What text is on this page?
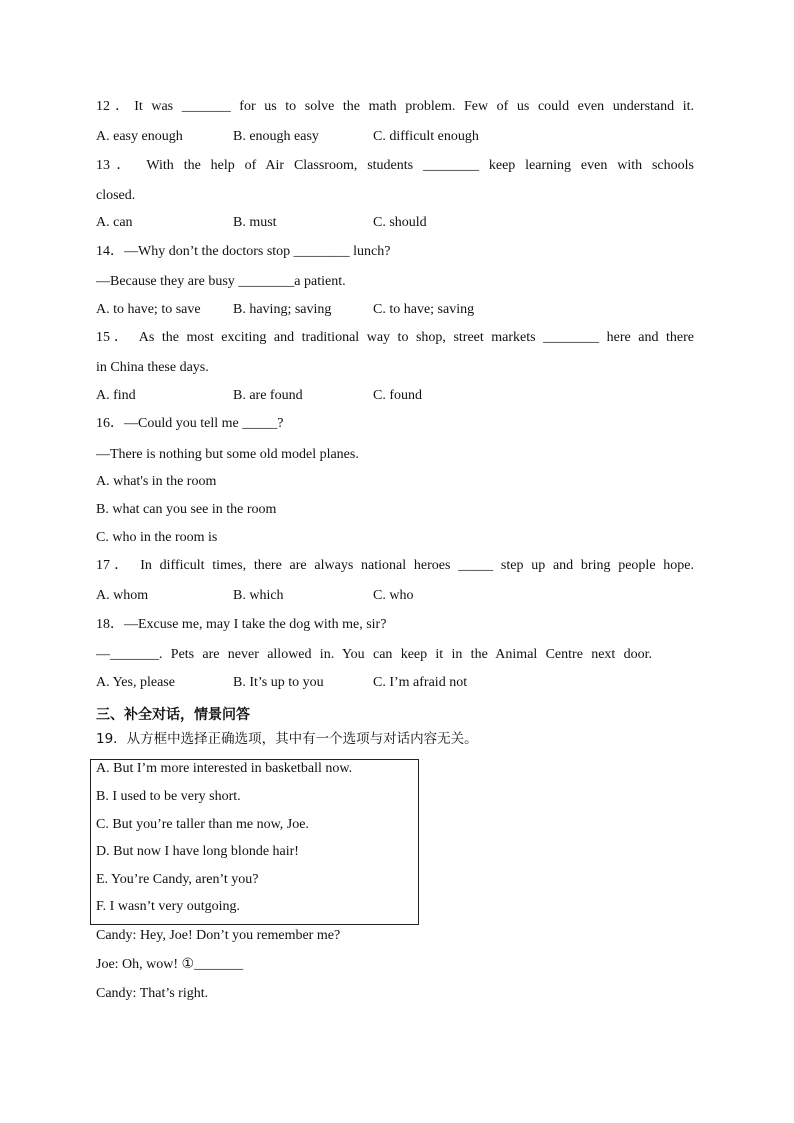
12．It was _______ for us to solve the math problem. Few of us could even understand it.
A. easy enough	B. enough easy	C. difficult enough
13． With the help of Air Classroom, students ________ keep learning even with schools
closed.
A. can	B. must	C. should
14．—Why don’t the doctors stop ________ lunch?
—Because they are busy ________a patient.
A. to have; to save B. having; saving	C. to have; saving
15． As the most exciting and traditional way to shop, street markets ________ here and there
in China these days.
A. find	B. are found	C. found
16．—Could you tell me _____?
—There is nothing but some old model planes.
A. what's in the room
B. what can you see in the room
C. who in the room is
17． In difficult times, there are always national heroes _____ step up and bring people hope.
A. whom	B. which	C. who
18．—Excuse me, may I take the dog with me, sir?
—_______. Pets are never allowed in. You can keep it in the Animal Centre next door.
A. Yes, please	B. It’s up to you	C. I’m afraid not
三、补全对话，情景问答
19．从方框中选择正确选项，其中有一个选项与对话内容无关。
A. But I’m more interested in basketball now.
B. I used to be very short.
C. But you’re taller than me now, Joe.
D. But now I have long blonde hair!
E. You’re Candy, aren’t you?
F. I wasn’t very outgoing.
Candy: Hey, Joe! Don’t you remember me?
Joe: Oh, wow! ①_______
Candy: That’s right.
